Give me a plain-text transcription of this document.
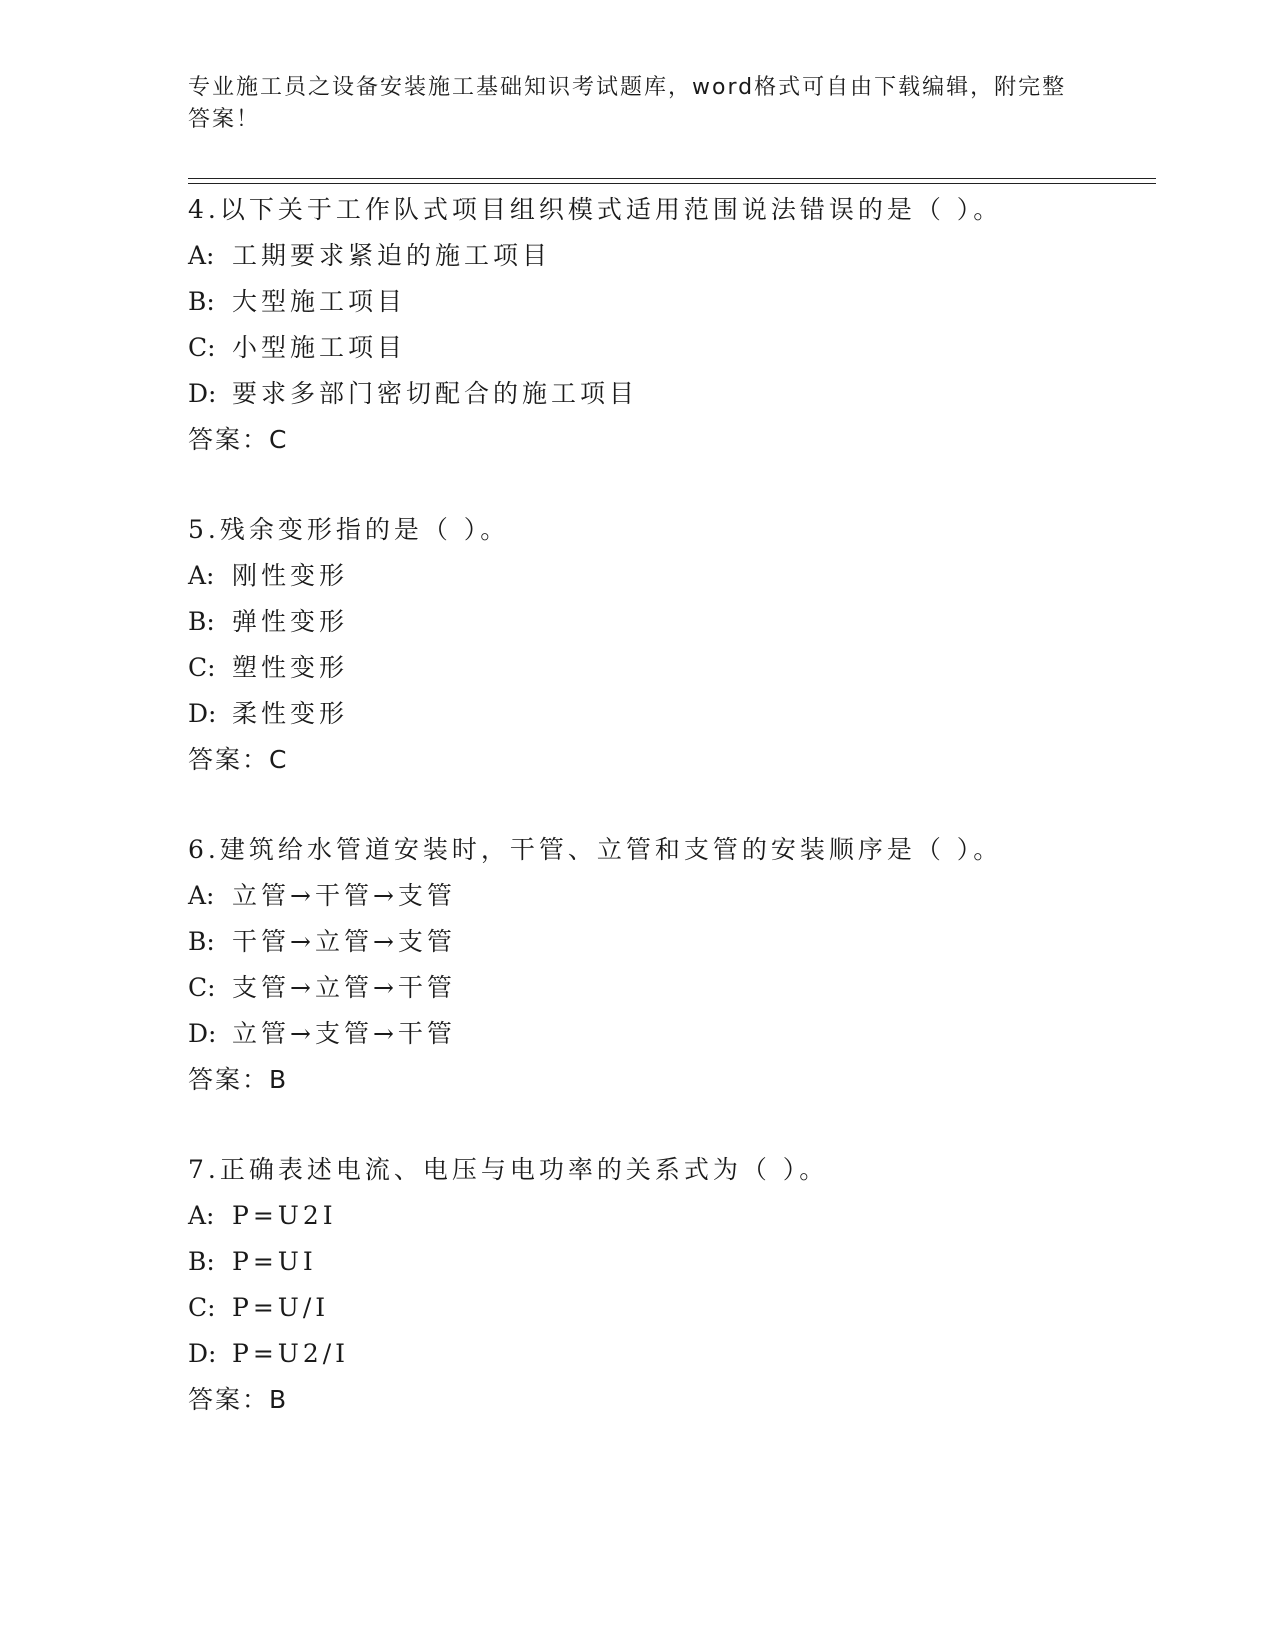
专业施工员之设备安装施工基础知识考试题库，word格式可自由下载编辑，附完整答案！
4.以下关于工作队式项目组织模式适用范围说法错误的是（ ）。
A: 工期要求紧迫的施工项目
B: 大型施工项目
C: 小型施工项目
D: 要求多部门密切配合的施工项目
答案：C
5.残余变形指的是（ ）。
A: 刚性变形
B: 弹性变形
C: 塑性变形
D: 柔性变形
答案：C
6.建筑给水管道安装时，干管、立管和支管的安装顺序是（ ）。
A: 立管→干管→支管
B: 干管→立管→支管
C: 支管→立管→干管
D: 立管→支管→干管
答案：B
7.正确表述电流、电压与电功率的关系式为（ ）。
A: P=U2I
B: P=UI
C: P=U/I
D: P=U2/I
答案：B
